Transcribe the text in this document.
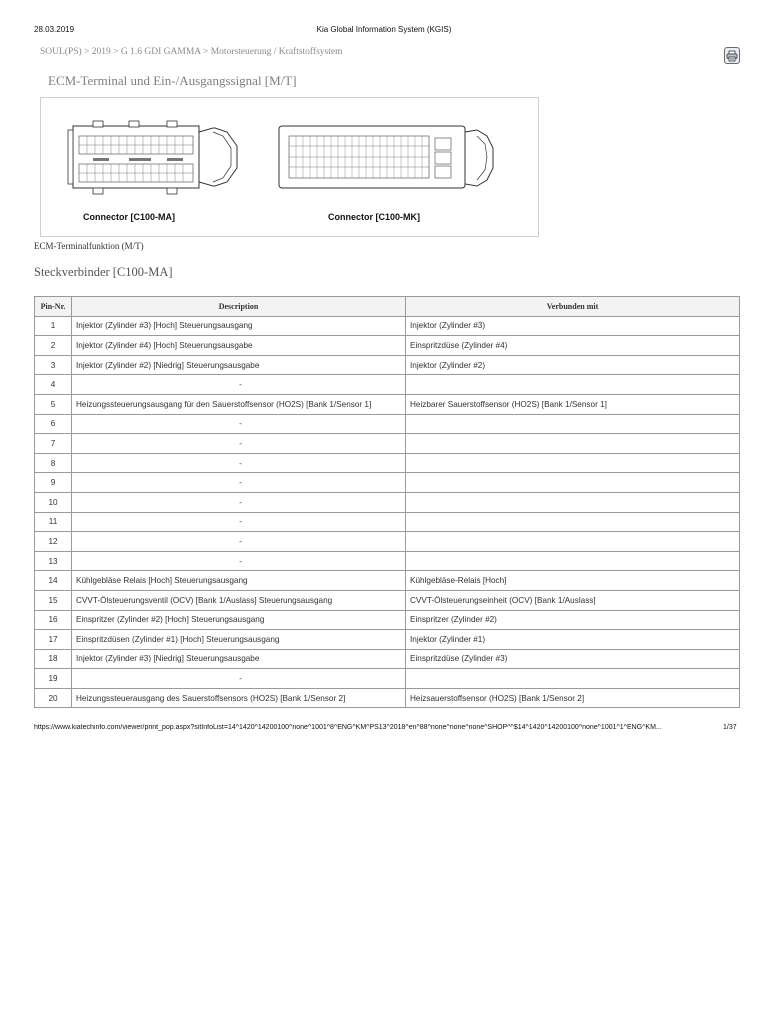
28.03.2019	Kia Global Information System (KGIS)
SOUL(PS) > 2019 > G 1.6 GDI GAMMA > Motorsteuerung / Kraftstoffsystem
ECM-Terminal und Ein-/Ausgangssignal [M/T]
Connector [C100-MA]	Connector [C100-MK]
ECM-Terminalfunktion (M/T)
Steckverbinder [C100-MA]
Pin-Nr.	Description	Verbunden mit
1	Injektor (Zylinder #3) [Hoch] Steuerungsausgang	Injektor (Zylinder #3)
2	Injektor (Zylinder #4) [Hoch] Steuerungsausgabe	Einspritzdüse (Zylinder #4)
3	Injektor (Zylinder #2) [Niedrig] Steuerungsausgabe	Injektor (Zylinder #2)
4	-	
5	Heizungssteuerungsausgang für den Sauerstoffsensor (HO2S) [Bank 1/Sensor 1]	Heizbarer Sauerstoffsensor (HO2S) [Bank 1/Sensor 1]
6	-	
7	-	
8	-	
9	-	
10	-	
11	-	
12	-	
13	-	
14	Kühlgebläse Relais [Hoch] Steuerungsausgang	Kühlgebläse-Relais [Hoch]
15	CVVT-Ölsteuerungsventil (OCV) [Bank 1/Auslass] Steuerungsausgang	CVVT-Ölsteuerungseinheit (OCV) [Bank 1/Auslass]
16	Einspritzer (Zylinder #2) [Hoch] Steuerungsausgang	Einspritzer (Zylinder #2)
17	Einspritzdüsen (Zylinder #1) [Hoch] Steuerungsausgang	Injektor (Zylinder #1)
18	Injektor (Zylinder #3) [Niedrig] Steuerungsausgabe	Einspritzdüse (Zylinder #3)
19	-	
20	Heizungssteuerausgang des Sauerstoffsensors (HO2S) [Bank 1/Sensor 2]	Heizsauerstoffsensor (HO2S) [Bank 1/Sensor 2]
https://www.kiatechinfo.com/viewer/print_pop.aspx?sitInfoList=14^1420^14200100^none^1001^8^ENG^KM^PS13^2018^en^88^none^none^none^SHOP^^$14^1420^14200100^none^1001^1^ENG^KM...	1/37
